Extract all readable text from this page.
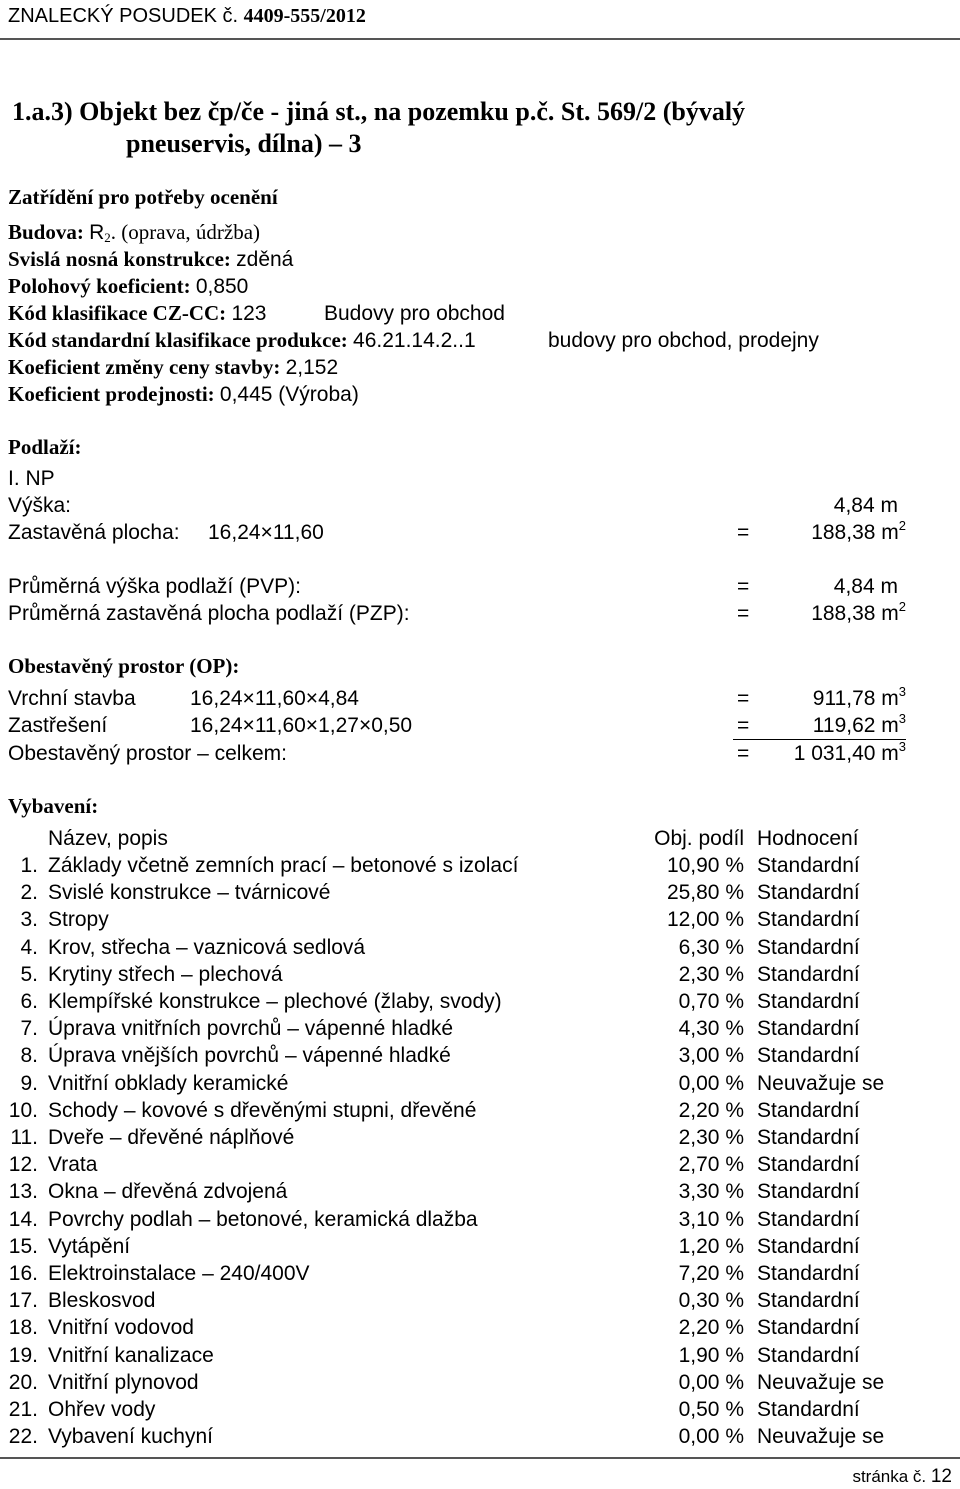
ZNALECKÝ POSUDEK č. 4409-555/2012
1.a.3) Objekt bez čp/če - jiná st., na pozemku p.č. St. 569/2 (bývalý
pneuservis, dílna) – 3
Zatřídění pro potřeby ocenění
Budova: $R_2$. (oprava, údržba)
Svislá nosná konstrukce: zděná
Polohový koeficient: 0,850
Kód klasifikace CZ-CC: 123	Budovy pro obchod
Kód standardní klasifikace produkce: 46.21.14.2..1	budovy pro obchod, prodejny
Koeficient změny ceny stavby: 2,152
Koeficient prodejnosti: 0,445 (Výroba)
Podlaží:
I. NP
Výška:	4,84 m
Zastavěná plocha: 16,24×11,60	=	188,38 $m^2$
Průměrná výška podlaží (PVP):	=	4,84 m
Průměrná zastavěná plocha podlaží (PZP):	=	188,38 $m^2$
Obestavěný prostor (OP):
Vrchní stavba	16,24×11,60×4,84	=	911,78 $m^3$
Zastřešení	16,24×11,60×1,27×0,50	=	119,62 $m^3$
Obestavěný prostor – celkem:	=	1 031,40 $m^3$
Vybavení:
Název, popis	Obj. podíl Hodnocení
1. Základy včetně zemních prací – betonové s izolací	10,90 % Standardní
2. Svislé konstrukce – tvárnicové	25,80 % Standardní
3. Stropy	12,00 % Standardní
4. Krov, střecha – vaznicová sedlová	6,30 % Standardní
5. Krytiny střech – plechová	2,30 % Standardní
6. Klempířské konstrukce – plechové (žlaby, svody)	0,70 % Standardní
7. Úprava vnitřních povrchů – vápenné hladké	4,30 % Standardní
8. Úprava vnějších povrchů – vápenné hladké	3,00 % Standardní
9. Vnitřní obklady keramické	0,00 % Neuvažuje se
10. Schody – kovové s dřevěnými stupni, dřevěné	2,20 % Standardní
11. Dveře – dřevěné náplňové	2,30 % Standardní
12. Vrata	2,70 % Standardní
13. Okna – dřevěná zdvojená	3,30 % Standardní
14. Povrchy podlah – betonové, keramická dlažba	3,10 % Standardní
15. Vytápění	1,20 % Standardní
16. Elektroinstalace – 240/400V	7,20 % Standardní
17. Bleskosvod	0,30 % Standardní
18. Vnitřní vodovod	2,20 % Standardní
19. Vnitřní kanalizace	1,90 % Standardní
20. Vnitřní plynovod	0,00 % Neuvažuje se
21. Ohřev vody	0,50 % Standardní
22. Vybavení kuchyní	0,00 % Neuvažuje se
stránka č. 12
